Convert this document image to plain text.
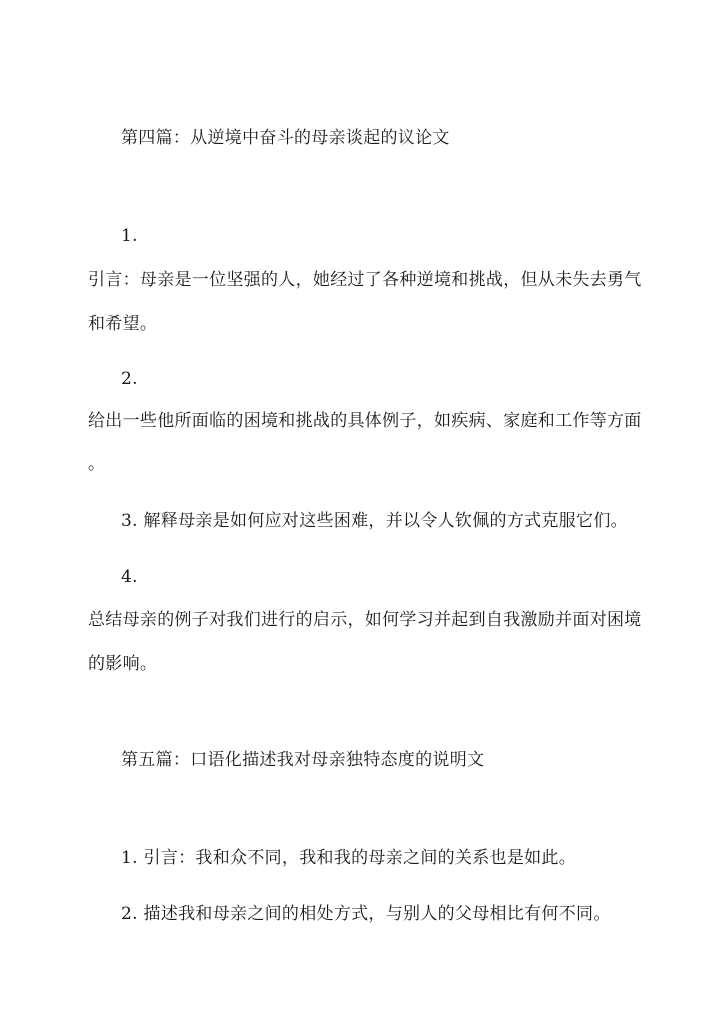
第四篇：从逆境中奋斗的母亲谈起的议论文
1.
引言：母亲是一位坚强的人，她经过了各种逆境和挑战，但从未失去勇气
和希望。
2.
给出一些他所面临的困境和挑战的具体例子，如疾病、家庭和工作等方面
。
3. 解释母亲是如何应对这些困难，并以令人钦佩的方式克服它们。
4.
总结母亲的例子对我们进行的启示，如何学习并起到自我激励并面对困境
的影响。
第五篇：口语化描述我对母亲独特态度的说明文
1. 引言：我和众不同，我和我的母亲之间的关系也是如此。
2. 描述我和母亲之间的相处方式，与别人的父母相比有何不同。
